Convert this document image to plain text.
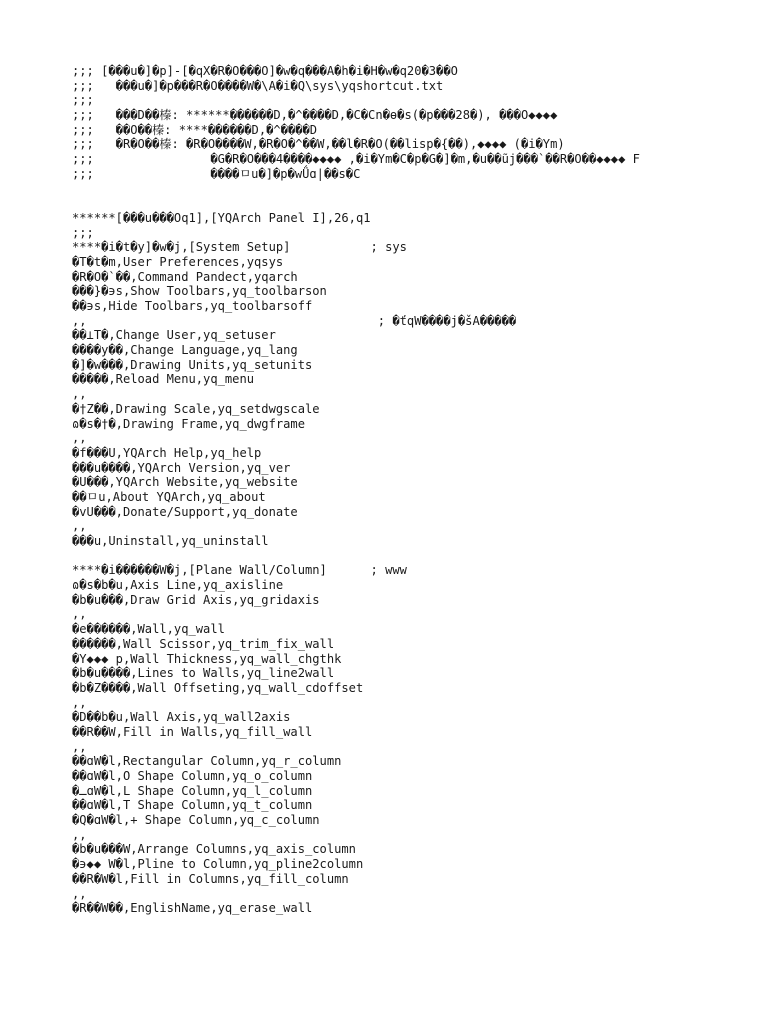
;;; [���u�]�p]-[�qX�R�O���O]�w�q���A�h�i�H�w�q20�3��O
;;;   ���u�]�p���R�O����W�\A�i�Q\sys\yqshortcut.txt
;;;
;;;   ���D��榛: ******������D,�^����D,�C�Cn�ө�s(�p���28�), ���O◆◆◆◆
;;;   ��O��榛: ****������D,�^����D
;;;   �R�O��榛: �R�O����W,�R�O�^��W,��l�R�O(��lisp�{��),◆◆◆◆ (�i�Ym)
;;;                �G�R�O���4����◆◆◆◆ ,�i�Ym�C�p�G�]�m,�u��ũj���`��R�O��◆◆◆◆ F
;;;                ����ㅁu�]�p�wǗɑ|��s�C
******[���u���Oq1],[YQArch Panel I],26,q1
;;;
****�i�t�y]�w�j,[System Setup]           ; sys
�T�t�m,User Preferences,yqsys
�R�O�`��,Command Pandect,yqarch
���}�϶s,Show Toolbars,yq_toolbarson
��϶s,Hide Toolbars,yq_toolbarsoff
,,                                        ; �ťqW����j�šA�����
��⊥T�,Change User,yq_setuser
����y��,Change Language,yq_lang
�]�w���,Drawing Units,yq_setunits
�����,Reload Menu,yq_menu
,,
�†Z��,Drawing Scale,yq_setdwgscale
ɷ�s�†�,Drawing Frame,yq_dwgframe
,,
�f���U,YQArch Help,yq_help
���u����,YQArch Version,yq_ver
�U���,YQArch Website,yq_website
��ㅁu,About YQArch,yq_about
�vU���,Donate/Support,yq_donate
,,
���u,Uninstall,yq_uninstall
****�i������W�j,[Plane Wall/Column]      ; www
ɷ�s�b�u,Axis Line,yq_axisline
�b�u���,Draw Grid Axis,yq_gridaxis
,,
�e������,Wall,yq_wall
������,Wall Scissor,yq_trim_fix_wall
�Y◆◆◆ p,Wall Thickness,yq_wall_chgthk
�b�u����,Lines to Walls,yq_line2wall
�b�Z����,Wall Offseting,yq_wall_cdoffset
,,
�D��b�u,Wall Axis,yq_wall2axis
��R��W,Fill in Walls,yq_fill_wall
,,
��ɑW�l,Rectangular Column,yq_r_column
��ɑW�l,O Shape Column,yq_o_column
�ـɑW�l,L Shape Column,yq_l_column
��ɑW�l,T Shape Column,yq_t_column
�Q�ɑW�l,+ Shape Column,yq_c_column
,,
�b�u���W,Arrange Columns,yq_axis_column
�϶◆◆ W�l,Pline to Column,yq_pline2column
��R�W�l,Fill in Columns,yq_fill_column
,,
�R��W��,EnglishName,yq_erase_wall
